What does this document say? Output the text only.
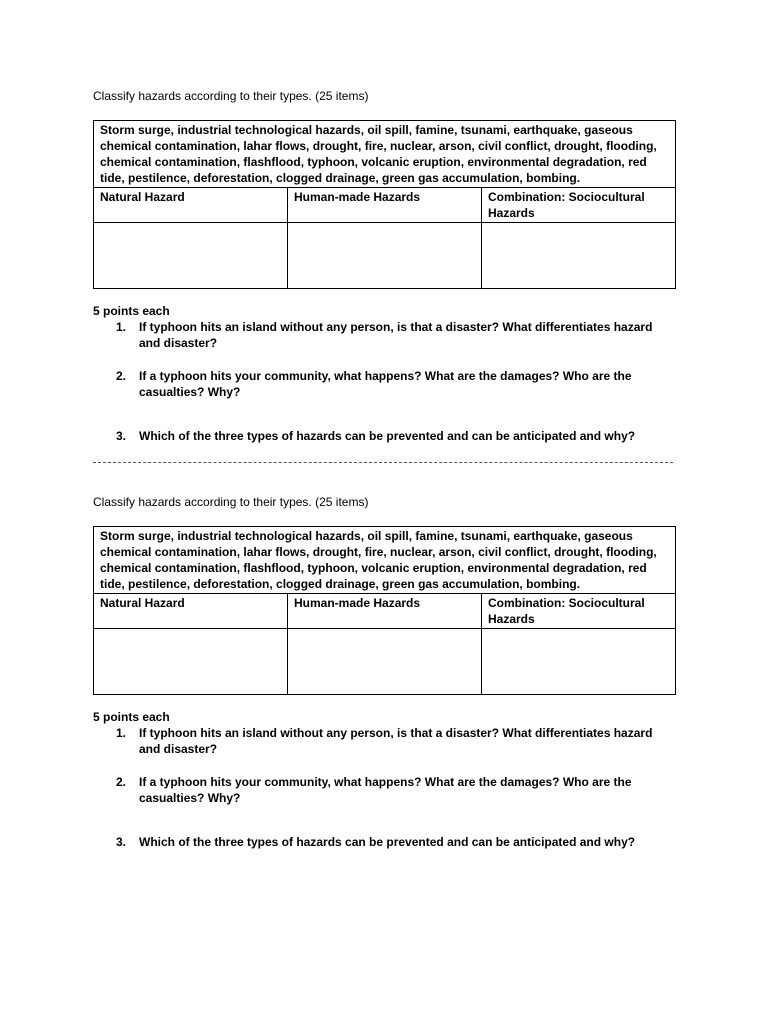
Classify hazards according to their types. (25 items)

Storm surge, industrial technological hazards, oil spill, famine, tsunami, earthquake, gaseous chemical contamination, lahar flows, drought, fire, nuclear, arson, civil conflict, drought, flooding, chemical contamination, flashflood, typhoon, volcanic eruption, environmental degradation, red tide, pestilence, deforestation, clogged drainage, green gas accumulation, bombing.		
Natural Hazard	Human-made Hazards	Combination: Sociocultural Hazards

5 points each
1.	If typhoon hits an island without any person, is that a disaster? What differentiates hazard and disaster?
2.	If a typhoon hits your community, what happens? What are the damages? Who are the casualties? Why?
3.	Which of the three types of hazards can be prevented and can be anticipated and why?

Classify hazards according to their types. (25 items)

Storm surge, industrial technological hazards, oil spill, famine, tsunami, earthquake, gaseous chemical contamination, lahar flows, drought, fire, nuclear, arson, civil conflict, drought, flooding, chemical contamination, flashflood, typhoon, volcanic eruption, environmental degradation, red tide, pestilence, deforestation, clogged drainage, green gas accumulation, bombing.		
Natural Hazard	Human-made Hazards	Combination: Sociocultural Hazards

5 points each
1.	If typhoon hits an island without any person, is that a disaster? What differentiates hazard and disaster?
2.	If a typhoon hits your community, what happens? What are the damages? Who are the casualties? Why?
3.	Which of the three types of hazards can be prevented and can be anticipated and why?
